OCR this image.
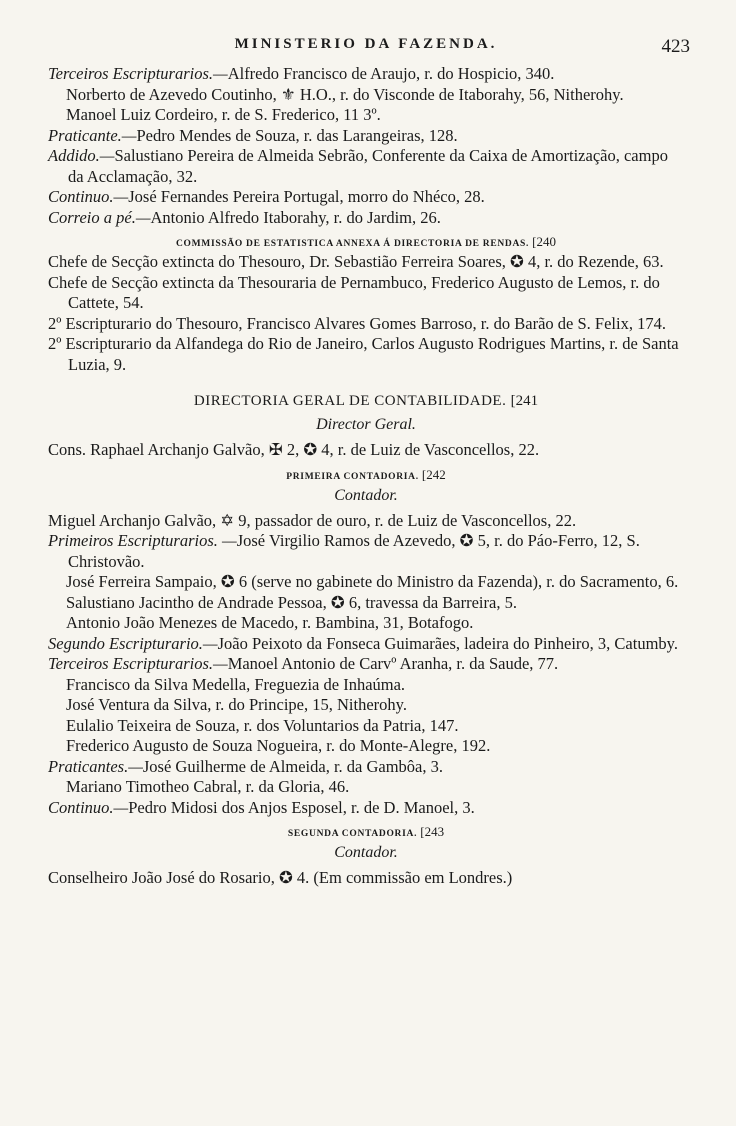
MINISTERIO DA FAZENDA.	423

Terceiros Escripturarios.—Alfredo Francisco de Araujo, r. do Hospicio, 340.

Norberto de Azevedo Coutinho, ⚜ H.O., r. do Visconde de Itaborahy, 56, Nitherohy.

Manoel Luiz Cordeiro, r. de S. Frederico, 11 3º.

Praticante.—Pedro Mendes de Souza, r. das Larangeiras, 128.

Addido.—Salustiano Pereira de Almeida Sebrão, Conferente da Caixa de Amortização, campo da Acclamação, 32.

Continuo.—José Fernandes Pereira Portugal, morro do Nhéco, 28.

Correio a pé.—Antonio Alfredo Itaborahy, r. do Jardim, 26.

COMMISSÃO DE ESTATISTICA ANNEXA Á DIRECTORIA DE RENDAS. [240

Chefe de Secção extincta do Thesouro, Dr. Sebastião Ferreira Soares, ✪ 4, r. do Rezende, 63.

Chefe de Secção extincta da Thesouraria de Pernambuco, Frederico Augusto de Lemos, r. do Cattete, 54.

2º Escripturario do Thesouro, Francisco Alvares Gomes Barroso, r. do Barão de S. Felix, 174.

2º Escripturario da Alfandega do Rio de Janeiro, Carlos Augusto Rodrigues Martins, r. de Santa Luzia, 9.

DIRECTORIA GERAL DE CONTABILIDADE. [241
Director Geral.

Cons. Raphael Archanjo Galvão, ✠ 2, ✪ 4, r. de Luiz de Vasconcellos, 22.

PRIMEIRA CONTADORIA. [242
Contador.

Miguel Archanjo Galvão, ✡ 9, passador de ouro, r. de Luiz de Vasconcellos, 22.

Primeiros Escripturarios. —José Virgilio Ramos de Azevedo, ✪ 5, r. do Páo-Ferro, 12, S. Christovão.

José Ferreira Sampaio, ✪ 6 (serve no gabinete do Ministro da Fazenda), r. do Sacramento, 6.

Salustiano Jacintho de Andrade Pessoa, ✪ 6, travessa da Barreira, 5.

Antonio João Menezes de Macedo, r. Bambina, 31, Botafogo.

Segundo Escripturario.—João Peixoto da Fonseca Guimarães, ladeira do Pinheiro, 3, Catumby.

Terceiros Escripturarios.—Manoel Antonio de Carvº Aranha, r. da Saude, 77.

Francisco da Silva Medella, Freguezia de Inhaúma.

José Ventura da Silva, r. do Principe, 15, Nitherohy.

Eulalio Teixeira de Souza, r. dos Voluntarios da Patria, 147.

Frederico Augusto de Souza Nogueira, r. do Monte-Alegre, 192.

Praticantes.—José Guilherme de Almeida, r. da Gambôa, 3.

Mariano Timotheo Cabral, r. da Gloria, 46.

Continuo.—Pedro Midosi dos Anjos Esposel, r. de D. Manoel, 3.

SEGUNDA CONTADORIA. [243
Contador.

Conselheiro João José do Rosario, ✪ 4. (Em commissão em Londres.)
